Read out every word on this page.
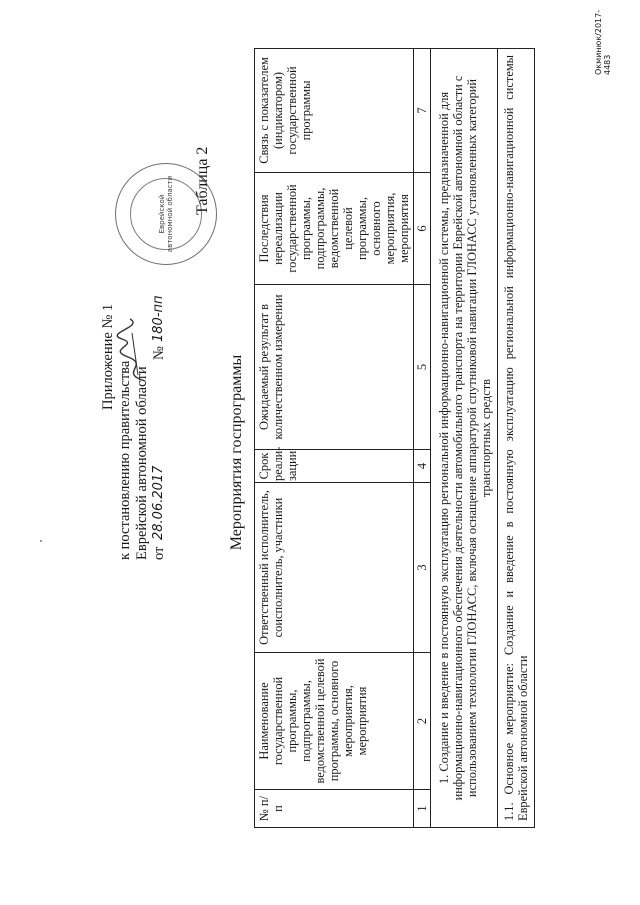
Приложение № 1
к постановлению правительства Еврейской автономной области от
28.06.2017
№
180-пп
Еврейской автономной области Таблица 2
Мероприятия госпрограммы
№ п/п	Наименование государственной программы, подпрограммы, ведомственной целевой программы, основного мероприятия, мероприятия	Ответственный исполнитель, соисполнитель, участники	Срок реали-зации	Ожидаемый результат в количественном измерении	Последствия нереализации государственной программы, подпрограммы, ведомственной целевой программы, основного мероприятия, мероприятия	Связь с показателем (индикатором) государственной программы
1	2	3	4	5	6	7
1. Создание и введение в постоянную эксплуатацию региональной информационно-навигационной системы, предназначенной для информационно-навигационного обеспечения деятельности автомобильного транспорта на территории Еврейской автономной области с использованием технологии ГЛОНАСС, включая оснащение аппаратурой спутниковой навигации ГЛОНАСС установленных категорий транспортных средств						
1.1. Основное мероприятие: Создание и введение в постоянную эксплуатацию региональной информационно-навигационной системы Еврейской автономной области						
Окминюк/2017-4483
